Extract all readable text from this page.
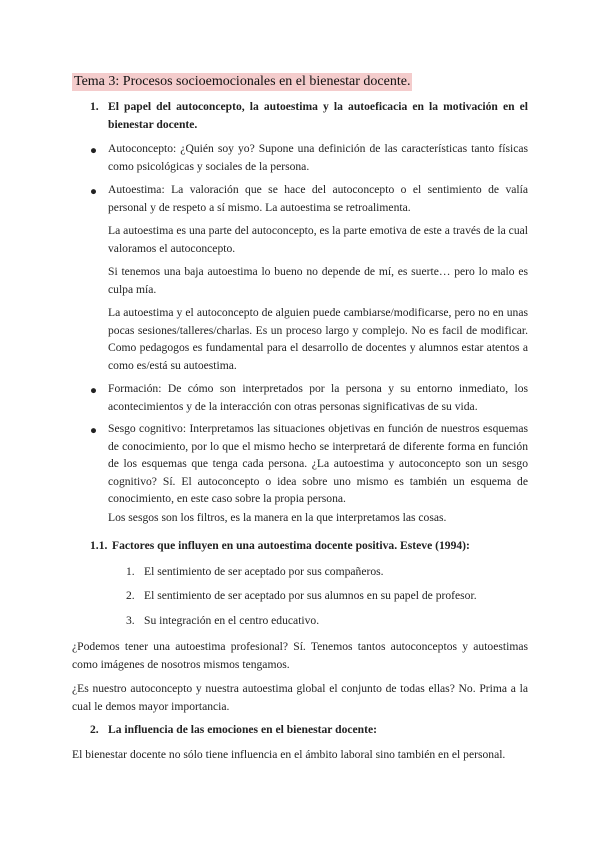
Tema 3: Procesos socioemocionales en el bienestar docente.
1. El papel del autoconcepto, la autoestima y la autoeficacia en la motivación en el bienestar docente.
● Autoconcepto: ¿Quién soy yo? Supone una definición de las características tanto físicas como psicológicas y sociales de la persona.
● Autoestima: La valoración que se hace del autoconcepto o el sentimiento de valía personal y de respeto a sí mismo. La autoestima se retroalimenta.
La autoestima es una parte del autoconcepto, es la parte emotiva de este a través de la cual valoramos el autoconcepto.
Si tenemos una baja autoestima lo bueno no depende de mí, es suerte… pero lo malo es culpa mía.
La autoestima y el autoconcepto de alguien puede cambiarse/modificarse, pero no en unas pocas sesiones/talleres/charlas. Es un proceso largo y complejo. No es facil de modificar. Como pedagogos es fundamental para el desarrollo de docentes y alumnos estar atentos a como es/está su autoestima.
● Formación: De cómo son interpretados por la persona y su entorno inmediato, los acontecimientos y de la interacción con otras personas significativas de su vida.
● Sesgo cognitivo: Interpretamos las situaciones objetivas en función de nuestros esquemas de conocimiento, por lo que el mismo hecho se interpretará de diferente forma en función de los esquemas que tenga cada persona. ¿La autoestima y autoconcepto son un sesgo cognitivo? Sí. El autoconcepto o idea sobre uno mismo es también un esquema de conocimiento, en este caso sobre la propia persona.
Los sesgos son los filtros, es la manera en la que interpretamos las cosas.
1.1. Factores que influyen en una autoestima docente positiva. Esteve (1994):
1. El sentimiento de ser aceptado por sus compañeros.
2. El sentimiento de ser aceptado por sus alumnos en su papel de profesor.
3. Su integración en el centro educativo.
¿Podemos tener una autoestima profesional? Sí. Tenemos tantos autoconceptos y autoestimas como imágenes de nosotros mismos tengamos.
¿Es nuestro autoconcepto y nuestra autoestima global el conjunto de todas ellas? No. Prima a la cual le demos mayor importancia.
2. La influencia de las emociones en el bienestar docente:
El bienestar docente no sólo tiene influencia en el ámbito laboral sino también en el personal.
